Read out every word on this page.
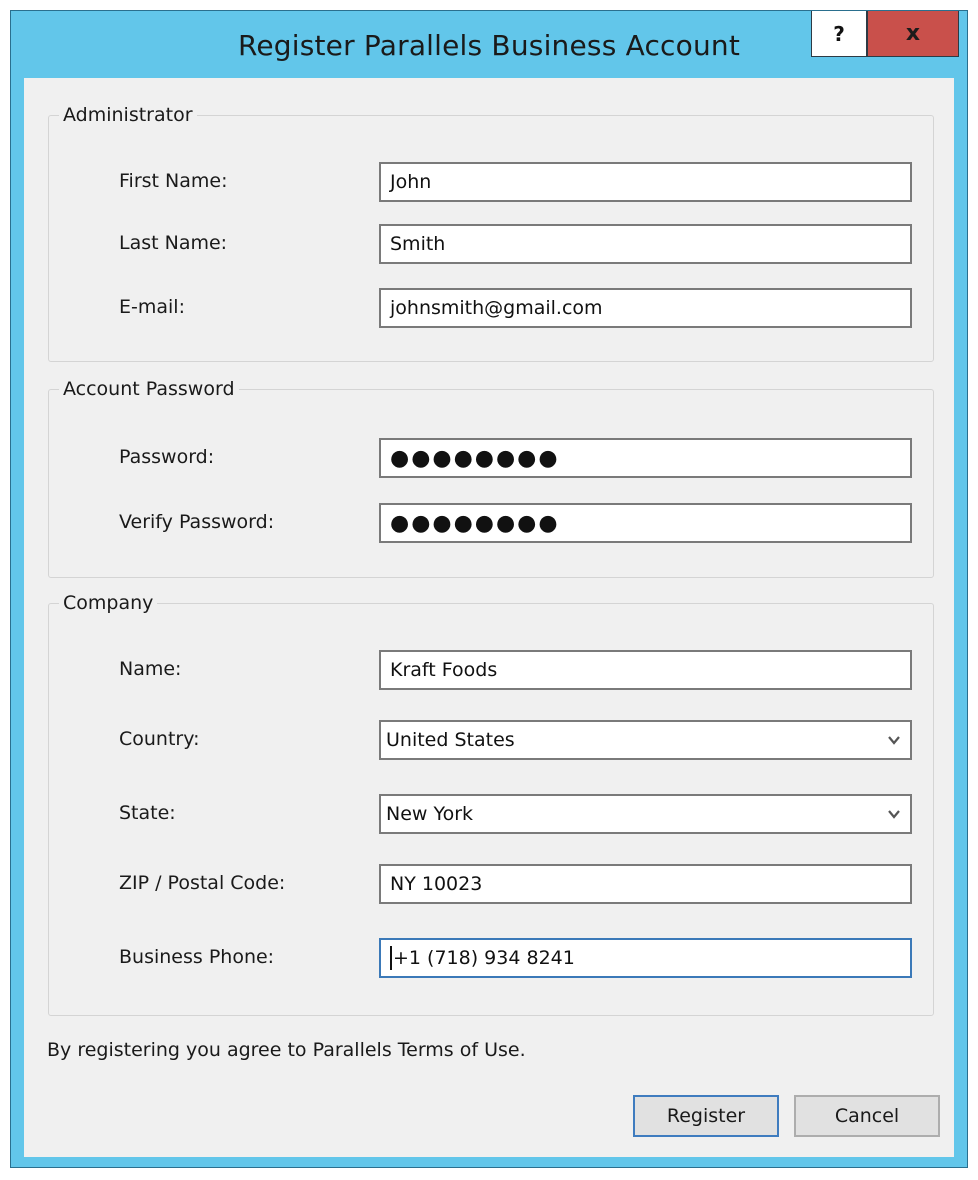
Register Parallels Business Account	?	x
Administrator
First Name:	John
Last Name:	Smith
E-mail:	johnsmith@gmail.com
Account Password
Password:	●●●●●●●●
Verify Password:	●●●●●●●●
Company
Name:	Kraft Foods
Country:	United States
State:	New York
ZIP / Postal Code:	NY 10023
Business Phone:	+1 (718) 934 8241
By registering you agree to Parallels Terms of Use.
Register	Cancel
